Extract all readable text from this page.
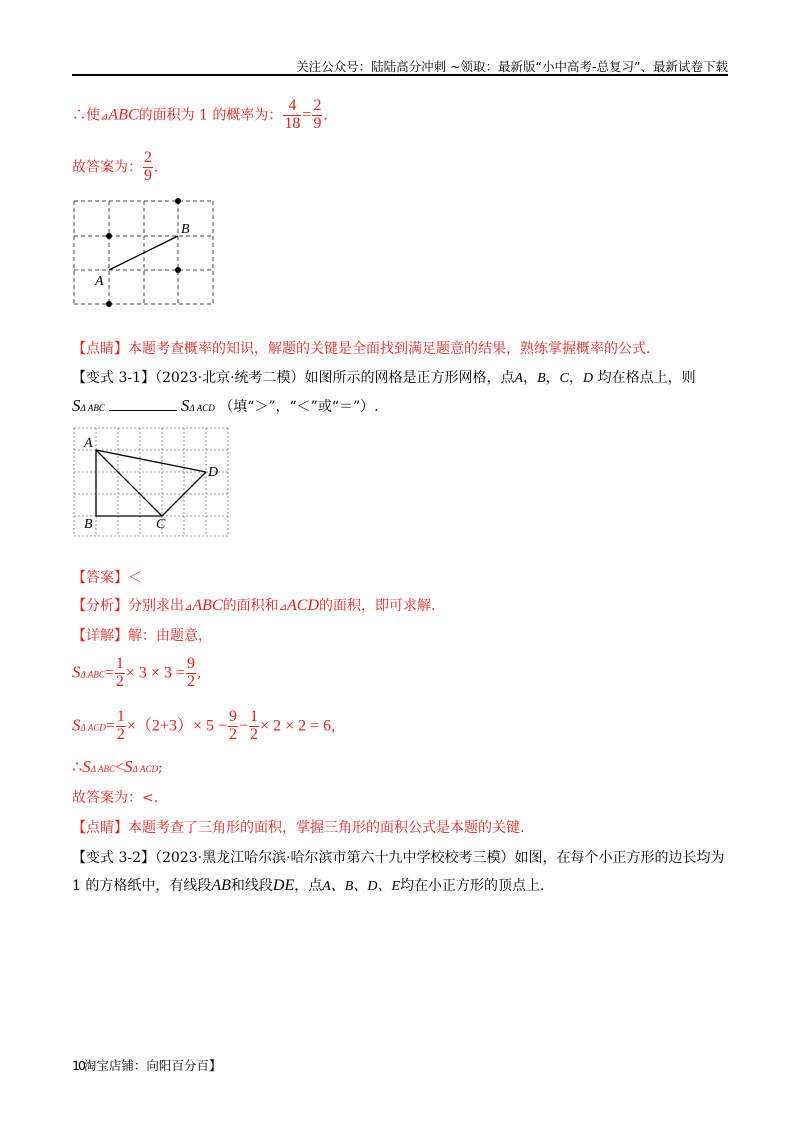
关注公众号：陆陆高分冲刺 ~领取：最新版“小中高考-总复习”、最新试卷下载
∴使⊿ABC的面积为 1 的概率为： $\frac{4}{18} = \frac{2}{9}$ .
故答案为： $\frac{2}{9}$ .
A
B
【点睛】本题考查概率的知识，解题的关键是全面找到满足题意的结果，熟练掌握概率的公式.
【变式 3-1】（2023·北京·统考二模）如图所示的网格是正方形网格，点A，B，C，D 均在格点上，则
SΔ ABC	SΔ ACD （填“＞”，“＜”或“＝”）.
A
B	C
D
【答案】＜
【分析】分别求出⊿ABC的面积和⊿ACD的面积，即可求解.
【详解】解：由题意，
SΔ $ABC= \frac{1}{2} \times 3 \times 3 = \frac{9}{2}$ ,
SΔ $ACD= \frac{1}{2} \times(2+3)\times 5 - \frac{9}{2} - \frac{1}{2} \times 2 \times 2 = 6$,
∴SΔ ABC<SΔ ACD;
故答案为：<.
【点睛】本题考查了三角形的面积，掌握三角形的面积公式是本题的关键.
【变式 3-2】（2023·黑龙江哈尔滨·哈尔滨市第六十九中学校校考三模）如图，在每个小正方形的边长均为
1 的方格纸中，有线段AB和线段DE，点A、B、D、E均在小正方形的顶点上.
10淘宝店铺：向阳百分百】
